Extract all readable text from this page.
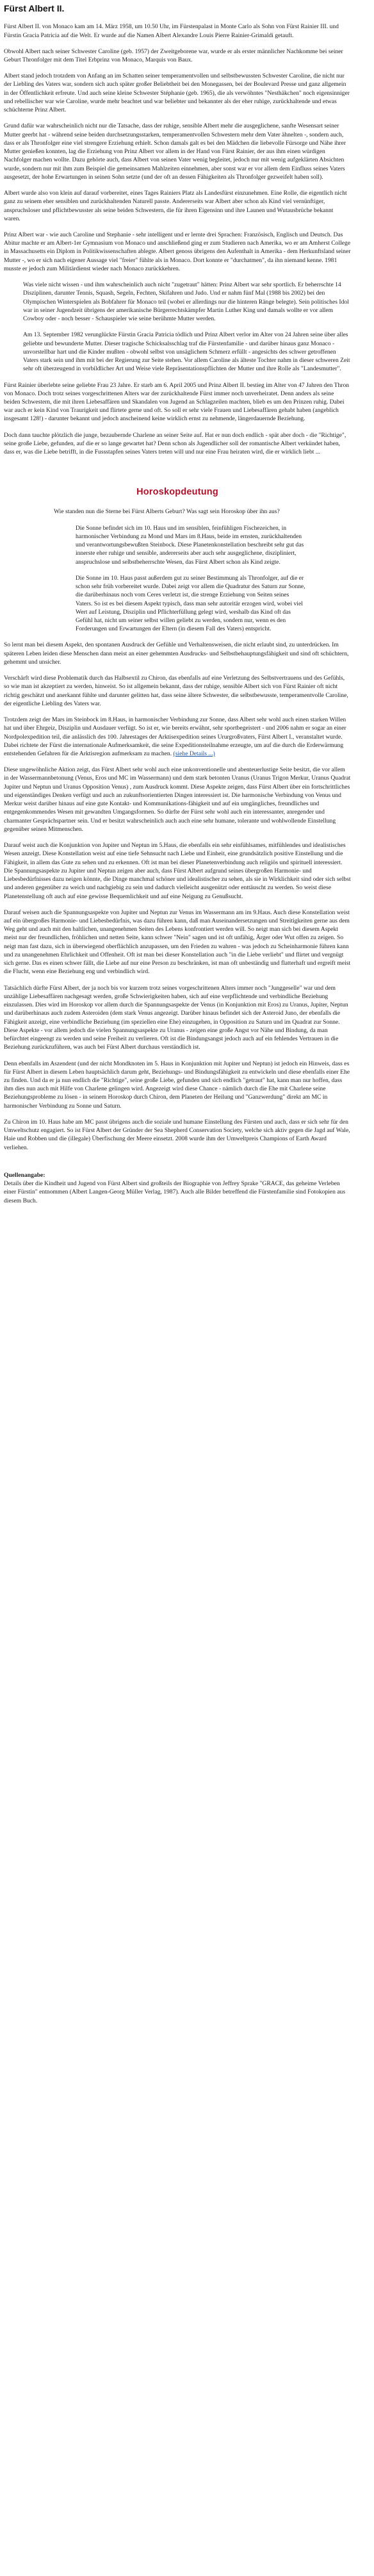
Fürst Albert II.

Fürst Albert II. von Monaco kam am 14. März 1958, um 10.50 Uhr, im Fürstenpalast in Monte Carlo als Sohn von Fürst Rainier III. und Fürstin Gracia Patricia auf die Welt. Er wurde auf die Namen Albert Alexandre Louis Pierre Rainier-Grimaldi getauft.

Obwohl Albert nach seiner Schwester Caroline (geb. 1957) der Zweitgeborene war, wurde er als erster männlicher Nachkomme bei seiner Geburt Thronfolger mit dem Titel Erbprinz von Monaco, Marquis von Baux.

Albert stand jedoch trotzdem von Anfang an im Schatten seiner temperamentvollen und selbstbewussten Schwester Caroline, die nicht nur der Liebling des Vaters war, sondern sich auch später großer Beliebtheit bei den Monegassen, bei der Boulevard Presse und ganz allgemein in der Öffentlichkeit erfreute. Und auch seine kleine Schwester Stéphanie (geb. 1965), die als verwöhntes "Nesthäkchen" noch eigensinniger und rebellischer war wie Caroline, wurde mehr beachtet und war beliebter und bekannter als der eher ruhige, zurückhaltende und etwas schüchterne Prinz Albert.

Grund dafür war wahrscheinlich nicht nur die Tatsache, dass der ruhige, sensible Albert mehr die ausgeglichene, sanfte Wesensart seiner Mutter geerbt hat - während seine beiden durchsetzungsstarken, temperamentvollen Schwestern mehr dem Vater ähnelten -, sondern auch, dass er als Thronfolger eine viel strengere Erziehung erhielt. Schon damals galt es bei den Mädchen die liebevolle Fürsorge und Nähe ihrer Mutter genießen konnten, lag die Erziehung von Prinz Albert vor allem in der Hand von Fürst Rainier, der aus ihm einen würdigen Nachfolger machen wollte. Dazu gehörte auch, dass Albert von seinen Vater wenig begleitet, jedoch nur mit wenig aufgeklärten Absichten wurde, sondern nur mit ihm zum Beispiel die gemeinsamen Mahlzeiten einnehmen, aber sonst war er vor allem dem Einfluss seines Vaters ausgesetzt, der hohe Erwartungen in seinen Sohn setzte (und der oft an dessen Fähigkeiten als Thronfolger gezweifelt haben soll).

Albert wurde also von klein auf darauf vorbereitet, eines Tages Rainiers Platz als Landesfürst einzunehmen. Eine Rolle, die eigentlich nicht ganz zu seinem eher sensiblen und zurückhaltenden Naturell passte. Andererseits war Albert aber schon als Kind viel vernünftiger, anspruchsloser und pflichtbewusster als seine beiden Schwestern, die für ihren Eigensinn und ihre Launen und Wutausbrüche bekannt waren.

Prinz Albert war - wie auch Caroline und Stephanie - sehr intelligent und er lernte drei Sprachen: Französisch, Englisch und Deutsch. Das Abitur machte er am Albert-1er Gymnasium von Monaco und anschließend ging er zum Studieren nach Amerika, wo er am Amherst College in Massachusetts ein Diplom in Politikwissenschaften ablegte. Albert genoss übrigens den Aufenthalt in Amerika - dem Herkunftsland seiner Mutter -, wo er sich nach eigener Aussage viel "freier" fühlte als in Monaco. Dort konnte er "durchatmen", da ihn niemand kenne. 1981 musste er jedoch zum Militärdienst wieder nach Monaco zurückkehren.

Was viele nicht wissen - und ihm wahrscheinlich auch nicht "zugetraut" hätten: Prinz Albert war sehr sportlich. Er beherrschte 14 Disziplinen, darunter Tennis, Squash, Segeln, Fechten, Skifahren und Judo. Und er nahm fünf Mal (1988 bis 2002) bei den Olympischen Winterspielen als Bobfahrer für Monaco teil (wobei er allerdings nur die hinteren Ränge belegte). Sein politisches Idol war in seiner Jugendzeit übrigens der amerikanische Bürgerrechtskämpfer Martin Luther King und damals wollte er vor allem Cowboy oder - noch besser - Schauspieler wie seine berühmte Mutter werden.

Am 13. September 1982 verunglückte Fürstin Gracia Patricia tödlich und Prinz Albert verlor im Alter von 24 Jahren seine über alles geliebte und bewunderte Mutter. Dieser tragische Schicksalsschlag traf die Fürstenfamilie - und darüber hinaus ganz Monaco - unvorstellbar hart und die Kinder mußten - obwohl selbst von unsäglichem Schmerz erfüllt - angesichts des schwer getroffenen Vaters stark sein und ihm mit bei der Regierung zur Seite stehen. Vor allem Caroline als älteste Tochter nahm in dieser schweren Zeit sehr oft überzeugend in vorbildlicher Art und Weise viele Repräsentationspflichten der Mutter und ihre Rolle als "Landesmutter".

Fürst Rainier überlebte seine geliebte Frau 23 Jahre. Er starb am 6. April 2005 und Prinz Albert II. bestieg im Alter von 47 Jahren den Thron von Monaco. Doch trotz seines vorgeschrittenen Alters war der zurückhaltende Fürst immer noch unverheiratet. Denn anders als seine beiden Schwestern, die mit ihren Liebesaffären und Skandalen von Jugend an Schlagzeilen machten, blieb es um den Prinzen ruhig. Dabei war auch er kein Kind von Traurigkeit und flirtete gerne und oft. So soll er sehr viele Frauen und Liebesaffären gehabt haben (angeblich insgesamt 128!) - darunter bekannt und jedoch anscheinend keine wirklich ernst zu nehmende, längerdauernde Beziehung.

Doch dann tauchte plötzlich die junge, bezaubernde Charlene an seiner Seite auf. Hat er nun doch endlich - spät aber doch - die "Richtige", seine große Liebe, gefunden, auf die er so lange gewartet hat? Denn schon als Jugendlicher soll der romantische Albert verkündet haben, dass er, was die Liebe betrifft, in die Fussstapfen seines Vaters treten will und nur eine Frau heiraten wird, die er wirklich liebt ...

Horoskopdeutung

Wie standen nun die Sterne bei Fürst Alberts Geburt? Was sagt sein Horoskop über ihn aus?

Die Sonne befindet sich im 10. Haus und im sensiblen, feinfühligen Fischezeichen, in harmonischer Verbindung zu Mond und Mars im 8.Haus, beide im ernsten, zurückhaltenden und verantwortungsbewußten Steinbock. Diese Planetenkonstellation beschreibt sehr gut das innerste eher ruhige und sensible, andererseits aber auch sehr ausgeglichene, diszipliniert, anspruchslose und selbstbeherrschte Wesen, das Fürst Albert schon als Kind zeigte.

Die Sonne im 10. Haus passt außerdem gut zu seiner Bestimmung als Thronfolger, auf die er schon sehr früh vorbereitet wurde. Dabei zeigt vor allem die Quadratur des Saturn zur Sonne, die darüberhinaus noch vom Ceres verletzt ist, die strenge Erziehung von Seiten seines Vaters. So ist es bei diesem Aspekt typisch, dass man sehr autoritär erzogen wird, wobei viel Wert auf Leistung, Disziplin und Pflichterfüllung gelegt wird, weshalb das Kind oft das Gefühl hat, nicht um seiner selbst willen geliebt zu werden, sondern nur, wenn es den Forderungen und Erwartungen der Eltern (in diesem Fall des Vaters) entspricht.

So lernt man bei diesem Aspekt, den spontanen Ausdruck der Gefühle und Verhaltensweisen, die nicht erlaubt sind, zu unterdrücken. Im späteren Leben leiden diese Menschen dann meist an einer gehemmten Ausdrucks- und Selbstbehauptungsfähigkeit und sind oft schüchtern, gehemmt und unsicher.

Verschärft wird diese Problematik durch das Halbsextil zu Chiron, das ebenfalls auf eine Verletzung des Selbstvertrauens und des Gefühls, so wie man ist akzeptiert zu werden, hinweist. So ist allgemein bekannt, dass der ruhige, sensible Albert sich von Fürst Rainier oft nicht richtig geschätzt und anerkannt fühlte und darunter gelitten hat, dass seine ältere Schwester, die selbstbewusste, temperamentvolle Caroline, der eigentliche Liebling des Vaters war.

Trotzdem zeigt der Mars im Steinbock im 8.Haus, in harmonischer Verbindung zur Sonne, dass Albert sehr wohl auch einen starken Willen hat und über Ehrgeiz, Disziplin und Ausdauer verfügt. So ist er, wie bereits erwähnt, sehr sportbegeistert - und 2006 nahm er sogar an einer Nordpolexpedition teil, die anlässlich des 100. Jahrestages der Arktisexpedition seines Ururgroßvaters, Fürst Albert I., veranstaltet wurde. Dabei richtete der Fürst die internationale Aufmerksamkeit, die seine Expeditionsteilnahme erzeugte, um auf die durch die Erderwärmung entstehenden Gefahren für die Arktisregion aufmerksam zu machen. (siehe Details ...)

Diese ungewöhnliche Aktion zeigt, das Fürst Albert sehr wohl auch eine unkonventionelle und abenteuerlustige Seite besitzt, die vor allem in der Wassermannbetonung (Venus, Eros und MC im Wassermann) und dem stark betonten Uranus (Uranus Trigon Merkur, Uranus Quadrat Jupiter und Neptun und Uranus Opposition Venus) , zum Ausdruck kommt. Diese Aspekte zeigen, dass Fürst Albert über ein fortschrittliches und eigenständiges Denken verfügt und auch an zukunftsorientierten Dingen interessiert ist. Die harmonische Verbindung von Venus und Merkur weist darüber hinaus auf eine gute Kontakt- und Kommunikations-fähigkeit und auf ein umgängliches, freundliches und entgegenkommendes Wesen mit gewandten Umgangsformen. So dürfte der Fürst sehr wohl auch ein interessanter, anregender und charmanter Gesprächspartner sein. Und er besitzt wahrscheinlich auch auch eine sehr humane, tolerante und wohlwollende Einstellung gegenüber seinen Mitmenschen.

Darauf weist auch die Konjunktion von Jupiter und Neptun im 5.Haus, die ebenfalls ein sehr einfühlsames, mitfühlendes und idealistisches Wesen anzeigt. Diese Konstellation weist auf eine tiefe Sehnsucht nach Liebe und Einheit, eine grundsätzlich positive Einstellung und die Fähigkeit, in allem das Gute zu sehen und zu erkennen. Oft ist man bei dieser Planetenverbindung auch religiös und spirituell interessiert. Die Spannungsaspekte zu Jupiter und Neptun zeigen aber auch, dass Fürst Albert aufgrund seines übergroßen Harmonie- und Liebesbedürfnisses dazu neigen könnte, die Dinge manchmal schöner und idealistischer zu sehen, als sie in Wirklichkeit sind oder sich selbst und anderen gegenüber zu weich und nachgiebig zu sein und dadurch vielleicht ausgenützt oder enttäuscht zu werden. So weist diese Planetenstellung oft auch auf eine gewisse Bequemlichkeit und auf eine Neigung zu Genußsucht.

Darauf weisen auch die Spannungsaspekte von Jupiter und Neptun zur Venus im Wassermann am im 9.Haus. Auch diese Konstellation weist auf ein übergroßes Harmonie- und Liebesbedürfnis, was dazu führen kann, daß man Auseinandersetzungen und Streitigkeiten gerne aus dem Weg geht und auch mit den haltlichen, unangenehmen Seiten des Lebens konfrontiert werden will. So neigt man sich bei diesem Aspekt meist nur der freundlichen, fröhlichen und netten Seite, kann schwer "Nein" sagen und ist oft unfähig, Ärger oder Wut offen zu zeigen. So neigt man fast dazu, sich in überwiegend oberflächlich anzupassen, um den Frieden zu wahren - was jedoch zu Scheinharmonie führen kann und zu unangenehmen Ehrlichkeit und Offenheit. Oft ist man bei dieser Konstellation auch "in die Liebe verliebt" und flirtet und vergnügt sich gerne. Das es einen schwer fällt, die Liebe auf nur eine Person zu beschränken, ist man oft unbeständig und flatterhaft und ergreift meist die Flucht, wenn eine Beziehung eng und verbindlich wird.

Tatsächlich dürfte Fürst Albert, der ja noch bis vor kurzem trotz seines vorgeschrittenen Alters immer noch "Junggeselle" war und dem unzählige Liebesaffären nachgesagt werden, große Schwierigkeiten haben, sich auf eine verpflichtende und verbindliche Beziehung einzulassen. Dies wird im Horoskop vor allem durch die Spannungsaspekte der Venus (in Konjunktion mit Eros) zu Uranus, Jupiter, Neptun und darüberhinaus auch zudem Asteroiden (dem stark Venus angezeigt. Darüber hinaus befindet sich der Asteroid Juno, der ebenfalls die Fähigkeit anzeigt, eine verbindliche Beziehung (im speziellen eine Ehe) einzugehen, in Opposition zu Saturn und im Quadrat zur Sonne. Diese Aspekte - vor allem jedoch die vielen Spannungsaspekte zu Uranus - zeigen eine große Angst vor Nähe und Bindung, da man befürchtet eingeengt zu werden und seine Freiheit zu verlieren. Oft ist die Bindungsangst jedoch auch auf ein fehlendes Vertrauen in die Beziehung zurückzuführen, was auch bei Fürst Albert durchaus verständlich ist.

Denn ebenfalls im Aszendent (und der nicht Mondknoten im 5. Haus in Konjunktion mit Jupiter und Neptun) ist jedoch ein Hinweis, dass es für Fürst Albert in diesem Leben hauptsächlich darum geht, Beziehungs- und Bindungsfähigkeit zu entwickeln und diese ebenfalls einer Ehe zu finden. Und da er ja nun endlich die "Richtige", seine große Liebe, gefunden und sich endlich "getraut" hat, kann man nur hoffen, dass ihm dies nun auch mit Hilfe von Charlene gelingen wird. Angezeigt wird diese Chance - nämlich durch die Ehe mit Charlene seine Beziehungsprobleme zu lösen - in seinem Horoskop durch Chiron, dem Planeten der Heilung und "Ganzwerdung" direkt am MC in harmonischer Verbindung zu Sonne und Saturn.

Zu Chiron im 10. Haus habe am MC passt übrigens auch die soziale und humane Einstellung des Fürsten und auch, dass er sich sehr für den Umweltschutz engagiert. So ist Fürst Albert der Gründer der Sea Shepherd Conservation Society, welche sich aktiv gegen die Jagd auf Wale, Haie und Robben und die (illegale) Überfischung der Meere einsetzt. 2008 wurde ihm der Umweltpreis Champions of Earth Award verliehen.

Quellenangabe:
Details über die Kindheit und Jugend von Fürst Albert sind großteils der Biographie von Jeffrey Sprake "GRACE, das geheime Verleben einer Fürstin" entnommen (Albert Langen-Georg Müller Verlag, 1987). Auch alle Bilder betreffend die Fürstenfamilie sind Fotokopien aus diesem Buch.
